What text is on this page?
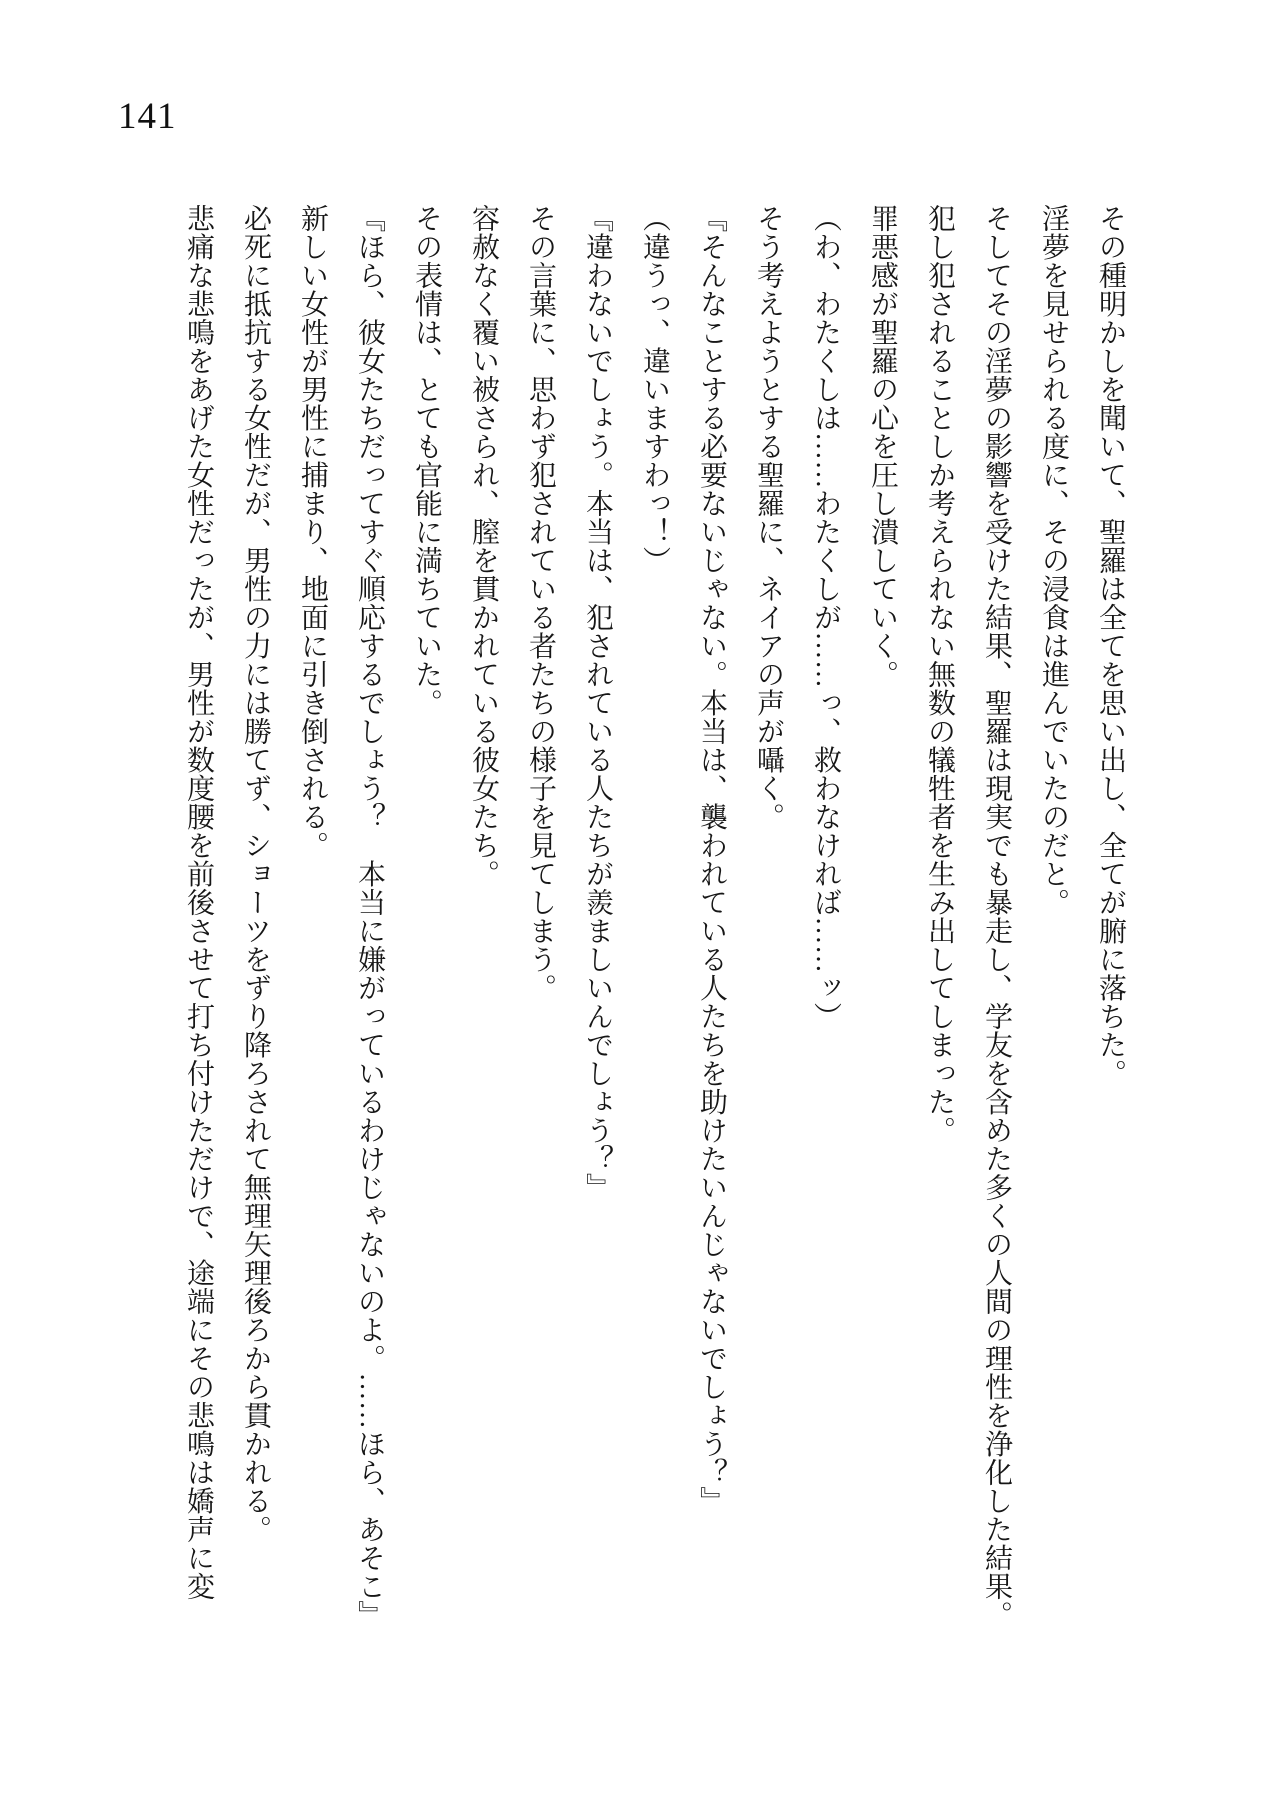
141

その種明かしを聞いて、聖羅は全てを思い出し、全てが腑に落ちた。

淫夢を見せられる度に、その浸食は進んでいたのだと。

そしてその淫夢の影響を受けた結果、聖羅は現実でも暴走し、学友を含めた多くの人間の理性を浄化した結果。

犯し犯されることしか考えられない無数の犠牲者を生み出してしまった。

罪悪感が聖羅の心を圧し潰していく。

（わ、わたくしは……わたくしが……っ、救わなければ……ッ）

そう考えようとする聖羅に、ネイアの声が囁く。

『そんなことする必要ないじゃない。本当は、襲われている人たちを助けたいんじゃないでしょう？』

（違うっ、違いますわっ！）

『違わないでしょう。本当は、犯されている人たちが羨ましいんでしょう？』

その言葉に、思わず犯されている者たちの様子を見てしまう。

容赦なく覆い被さられ、膣を貫かれている彼女たち。

その表情は、とても官能に満ちていた。

『ほら、彼女たちだってすぐ順応するでしょう？　本当に嫌がっているわけじゃないのよ。……ほら、あそこ』

新しい女性が男性に捕まり、地面に引き倒される。

必死に抵抗する女性だが、男性の力には勝てず、ショーツをずり降ろされて無理矢理後ろから貫かれる。

悲痛な悲鳴をあげた女性だったが、男性が数度腰を前後させて打ち付けただけで、途端にその悲鳴は嬌声に変
